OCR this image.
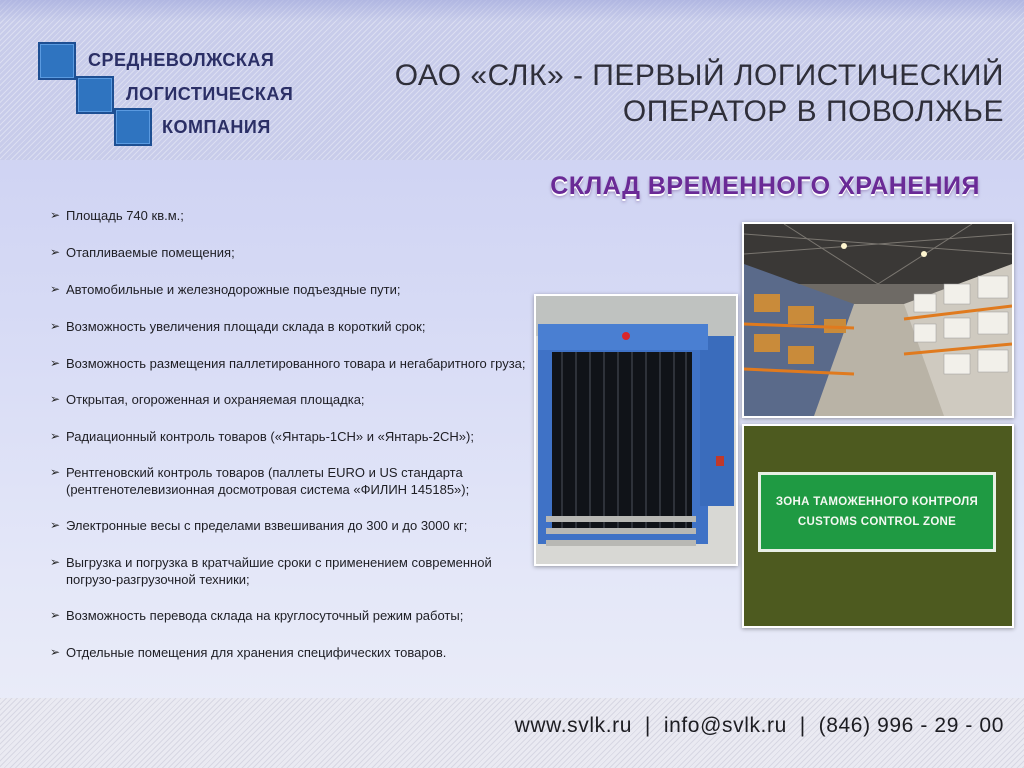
СРЕДНЕВОЛЖСКАЯ
ЛОГИСТИЧЕСКАЯ
КОМПАНИЯ
ОАО «СЛК» - ПЕРВЫЙ ЛОГИСТИЧЕСКИЙ
ОПЕРАТОР В ПОВОЛЖЬЕ
СКЛАД ВРЕМЕННОГО ХРАНЕНИЯ
➢ Площадь 740 кв.м.;
➢ Отапливаемые помещения;
➢ Автомобильные и железнодорожные подъездные пути;
➢ Возможность увеличения площади склада в короткий срок;
➢ Возможность размещения паллетированного товара и негабаритного груза;
➢ Открытая, огороженная и охраняемая площадка;
➢ Радиационный контроль товаров («Янтарь-1СН» и «Янтарь-2СН»);
➢ Рентгеновский контроль товаров (паллеты EURO и US стандарта (рентгенотелевизионная досмотровая система «ФИЛИН 145185»);
➢ Электронные весы с пределами взвешивания до 300 и до 3000 кг;
➢ Выгрузка и погрузка в кратчайшие сроки с применением современной погрузо-разгрузочной техники;
➢ Возможность перевода склада на круглосуточный режим работы;
➢ Отдельные помещения для хранения специфических товаров.
ЗОНА ТАМОЖЕННОГО КОНТРОЛЯ
CUSTOMS CONTROL ZONE
www.svlk.ru  |  info@svlk.ru  |  (846) 996 - 29 - 00
